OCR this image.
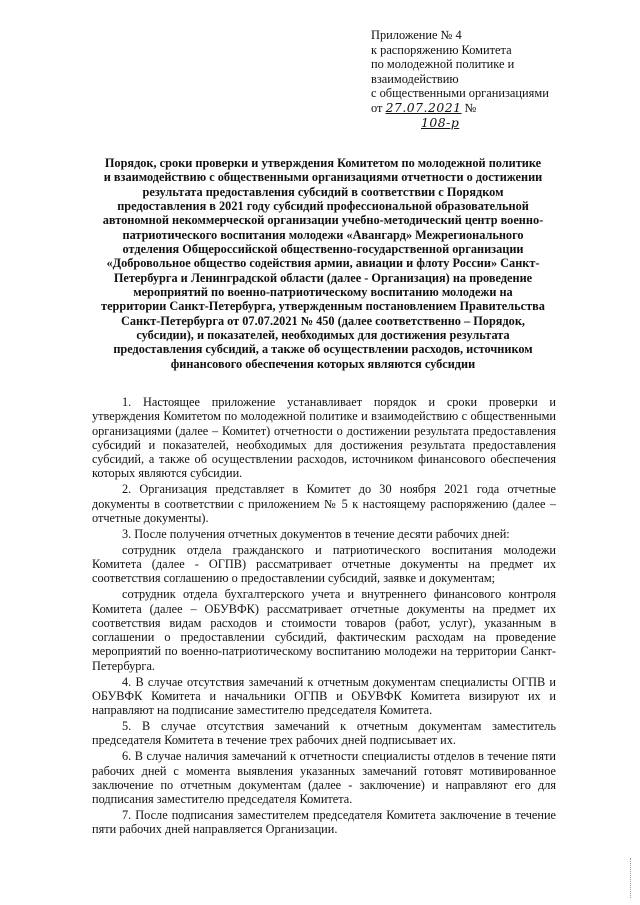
Приложение № 4
к распоряжению Комитета
по молодежной политике и
взаимодействию
с общественными организациями
от 27.07.2021 №
108-р
Порядок, сроки проверки и утверждения Комитетом по молодежной политике и взаимодействию с общественными организациями отчетности о достижении результата предоставления субсидий в соответствии с Порядком предоставления в 2021 году субсидий профессиональной образовательной автономной некоммерческой организации учебно-методический центр военно-патриотического воспитания молодежи «Авангард» Межрегионального отделения Общероссийской общественно-государственной организации «Добровольное общество содействия армии, авиации и флоту России» Санкт-Петербурга и Ленинградской области (далее - Организация) на проведение мероприятий по военно-патриотическому воспитанию молодежи на территории Санкт-Петербурга, утвержденным постановлением Правительства Санкт-Петербурга от 07.07.2021 № 450 (далее соответственно – Порядок, субсидии), и показателей, необходимых для достижения результата предоставления субсидий, а также об осуществлении расходов, источником финансового обеспечения которых являются субсидии

1. Настоящее приложение устанавливает порядок и сроки проверки и утверждения Комитетом по молодежной политике и взаимодействию с общественными организациями (далее – Комитет) отчетности о достижении результата предоставления субсидий и показателей, необходимых для достижения результата предоставления субсидий, а также об осуществлении расходов, источником финансового обеспечения которых являются субсидии.

2. Организация представляет в Комитет до 30 ноября 2021 года отчетные документы в соответствии с приложением № 5 к настоящему распоряжению (далее – отчетные документы).

3. После получения отчетных документов в течение десяти рабочих дней:

сотрудник отдела гражданского и патриотического воспитания молодежи Комитета (далее - ОГПВ) рассматривает отчетные документы на предмет их соответствия соглашению о предоставлении субсидий, заявке и документам;

сотрудник отдела бухгалтерского учета и внутреннего финансового контроля Комитета (далее – ОБУВФК) рассматривает отчетные документы на предмет их соответствия видам расходов и стоимости товаров (работ, услуг), указанным в соглашении о предоставлении субсидий, фактическим расходам на проведение мероприятий по военно-патриотическому воспитанию молодежи на территории Санкт-Петербурга.

4. В случае отсутствия замечаний к отчетным документам специалисты ОГПВ и ОБУВФК Комитета и начальники ОГПВ и ОБУВФК Комитета визируют их и направляют на подписание заместителю председателя Комитета.

5. В случае отсутствия замечаний к отчетным документам заместитель председателя Комитета в течение трех рабочих дней подписывает их.

6. В случае наличия замечаний к отчетности специалисты отделов в течение пяти рабочих дней с момента выявления указанных замечаний готовят мотивированное заключение по отчетным документам (далее - заключение) и направляют его для подписания заместителю председателя Комитета.

7. После подписания заместителем председателя Комитета заключение в течение пяти рабочих дней направляется Организации.
